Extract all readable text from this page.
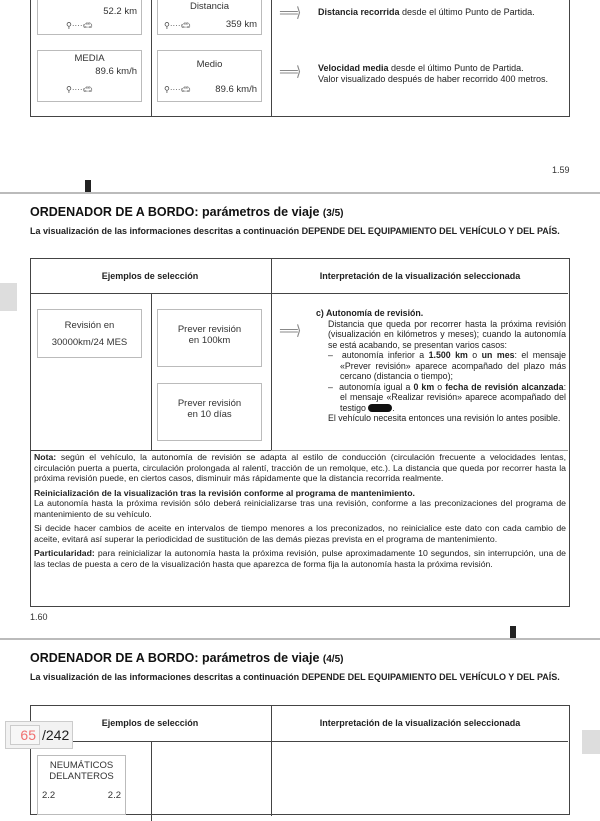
52.2 km
⚲····🚗︎
Distancia
359 km
⚲····🚗︎
══⟩ Distancia recorrida desde el último Punto de Partida.
MEDIA
89.6 km/h
⚲····🚗︎
Medio
89.6 km/h
⚲····🚗︎
══⟩ Velocidad media desde el último Punto de Partida.
Valor visualizado después de haber recorrido 400 metros.
1.59
ORDENADOR DE A BORDO: parámetros de viaje (3/5)
La visualización de las informaciones descritas a continuación DEPENDE DEL EQUIPAMIENTO DEL VEHÍCULO Y DEL PAÍS.
Ejemplos de selección	Interpretación de la visualización seleccionada
Revisión en
30000km/24 MES
Prever revisión
en 100km
Prever revisión
en 10 días
══⟩
c) Autonomía de revisión.
Distancia que queda por recorrer hasta la próxima revisión (visualización en kilómetros y meses); cuando la autonomía se está acabando, se presentan varios casos:
–  autonomía inferior a 1.500 km o un mes: el mensaje «Prever revisión» aparece acompañado del plazo más cercano (distancia o tiempo);
–  autonomía igual a 0 km o fecha de revisión alcanzada: el mensaje «Realizar revisión» aparece acompañado del testigo	.
El vehículo necesita entonces una revisión lo antes posible.

Nota: según el vehículo, la autonomía de revisión se adapta al estilo de conducción (circulación frecuente a velocidades lentas, circulación puerta a puerta, circulación prolongada al ralentí, tracción de un remolque, etc.). La distancia que queda por recorrer hasta la próxima revisión puede, en ciertos casos, disminuir más rápidamente que la distancia recorrida realmente.

Reinicialización de la visualización tras la revisión conforme al programa de mantenimiento.
La autonomía hasta la próxima revisión sólo deberá reinicializarse tras una revisión, conforme a las preconizaciones del programa de mantenimiento de su vehículo.

Si decide hacer cambios de aceite en intervalos de tiempo menores a los preconizados, no reinicialice este dato con cada cambio de aceite, evitará así superar la periodicidad de sustitución de las demás piezas prevista en el programa de mantenimiento.

Particularidad: para reinicializar la autonomía hasta la próxima revisión, pulse aproximadamente 10 segundos, sin interrupción, una de las teclas de puesta a cero de la visualización hasta que aparezca de forma fija la autonomía hasta la próxima revisión.

1.60
ORDENADOR DE A BORDO: parámetros de viaje (4/5)
La visualización de las informaciones descritas a continuación DEPENDE DEL EQUIPAMIENTO DEL VEHÍCULO Y DEL PAÍS.
Ejemplos de selección	Interpretación de la visualización seleccionada
NEUMÁTICOS
DELANTEROS
2.2	2.2
65 /242
